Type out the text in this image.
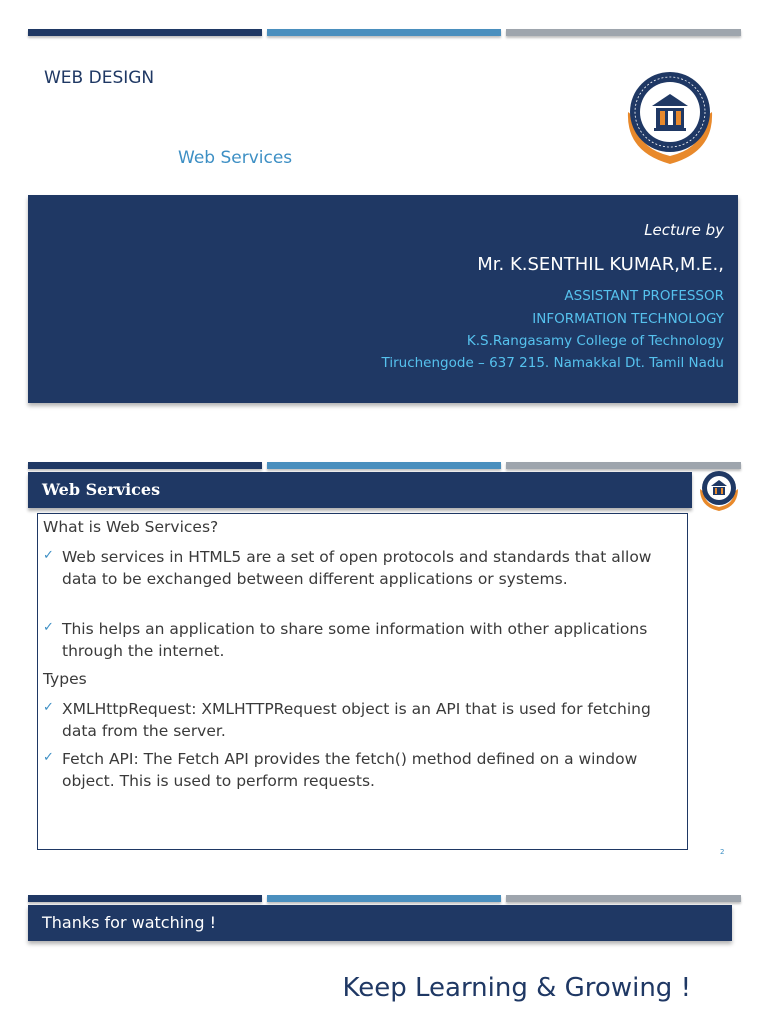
WEB DESIGN
Web Services
Lecture by
Mr. K.SENTHIL KUMAR,M.E.,
ASSISTANT PROFESSOR
INFORMATION TECHNOLOGY
K.S.Rangasamy College of Technology
Tiruchengode – 637 215. Namakkal Dt. Tamil Nadu
Web Services
What is Web Services?
✓ Web services in HTML5 are a set of open protocols and standards that allow data to be exchanged between different applications or systems.
✓ This helps an application to share some information with other applications through the internet.
Types
✓ XMLHttpRequest: XMLHTTPRequest object is an API that is used for fetching data from the server.
✓ Fetch API: The Fetch API provides the fetch() method defined on a window object. This is used to perform requests.
2
Thanks for watching !
Keep Learning & Growing !
